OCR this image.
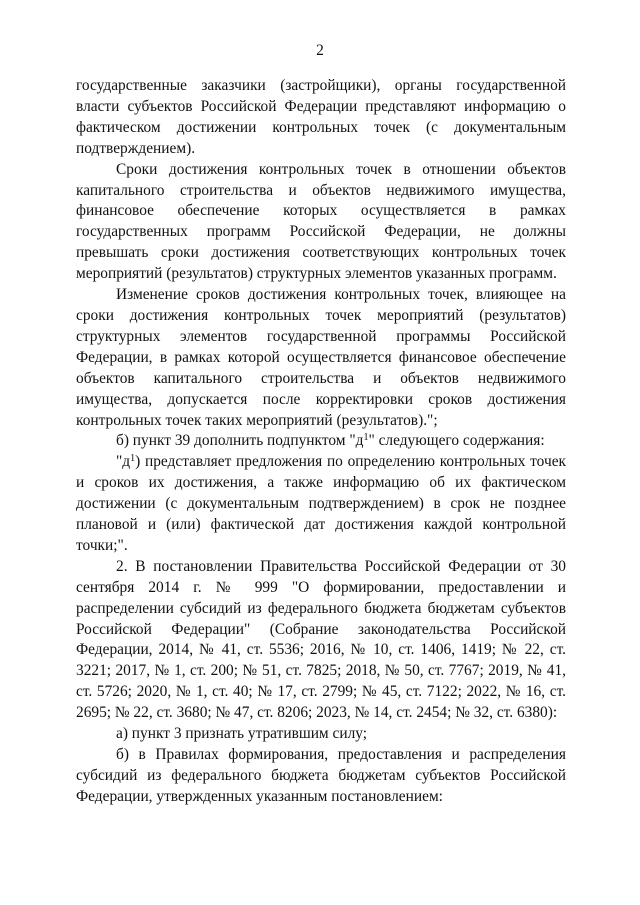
2

государственные заказчики (застройщики), органы государственной власти субъектов Российской Федерации представляют информацию о фактическом достижении контрольных точек (с документальным подтверждением).

Сроки достижения контрольных точек в отношении объектов капитального строительства и объектов недвижимого имущества, финансовое обеспечение которых осуществляется в рамках государственных программ Российской Федерации, не должны превышать сроки достижения соответствующих контрольных точек мероприятий (результатов) структурных элементов указанных программ.

Изменение сроков достижения контрольных точек, влияющее на сроки достижения контрольных точек мероприятий (результатов) структурных элементов государственной программы Российской Федерации, в рамках которой осуществляется финансовое обеспечение объектов капитального строительства и объектов недвижимого имущества, допускается после корректировки сроков достижения контрольных точек таких мероприятий (результатов).";

б) пункт 39 дополнить подпунктом "$д^1$" следующего содержания:

"$д^1$) представляет предложения по определению контрольных точек и сроков их достижения, а также информацию об их фактическом достижении (с документальным подтверждением) в срок не позднее плановой и (или) фактической дат достижения каждой контрольной точки;".

2. В постановлении Правительства Российской Федерации от 30 сентября 2014 г. № 999 "О формировании, предоставлении и распределении субсидий из федерального бюджета бюджетам субъектов Российской Федерации" (Собрание законодательства Российской Федерации, 2014, № 41, ст. 5536; 2016, № 10, ст. 1406, 1419; № 22, ст. 3221; 2017, № 1, ст. 200; № 51, ст. 7825; 2018, № 50, ст. 7767; 2019, № 41, ст. 5726; 2020, № 1, ст. 40; № 17, ст. 2799; № 45, ст. 7122; 2022, № 16, ст. 2695; № 22, ст. 3680; № 47, ст. 8206; 2023, № 14, ст. 2454; № 32, ст. 6380):

а) пункт 3 признать утратившим силу;

б) в Правилах формирования, предоставления и распределения субсидий из федерального бюджета бюджетам субъектов Российской Федерации, утвержденных указанным постановлением:
